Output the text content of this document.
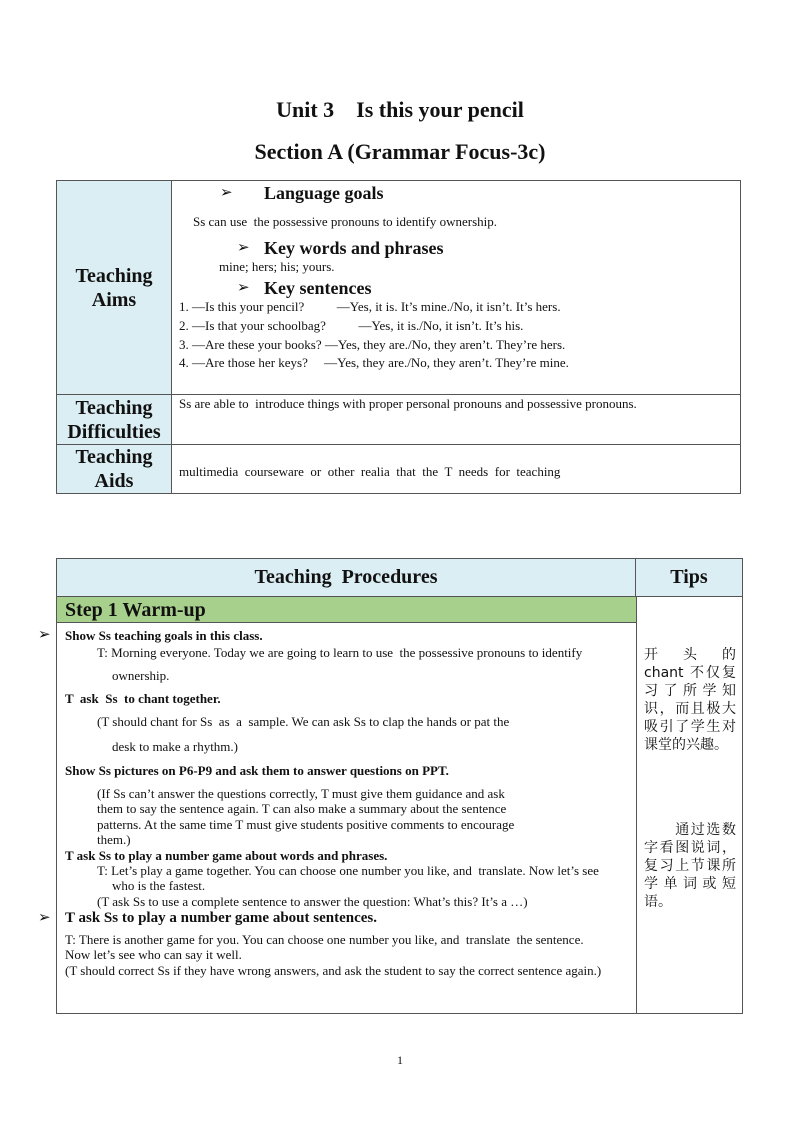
Unit 3    Is this your pencil
Section A (Grammar Focus-3c)
Teaching Aims
Teaching Difficulties
Teaching Aids
➢ Language goals
Ss can use  the possessive pronouns to identify ownership.
➢ Key words and phrases
mine; hers; his; yours.
➢ Key sentences
1. —Is this your pencil?          —Yes, it is. It’s mine./No, it isn’t. It’s hers.
2. —Is that your schoolbag?          —Yes, it is./No, it isn’t. It’s his.
3. —Are these your books? —Yes, they are./No, they aren’t. They’re hers.
4. —Are those her keys?     —Yes, they are./No, they aren’t. They’re mine.
Ss are able to  introduce things with proper personal pronouns and possessive pronouns.
multimedia  courseware  or  other  realia  that  the  T  needs  for  teaching
Teaching  Procedures	Tips
Step 1 Warm-up
➢
➢
Show Ss teaching goals in this class.
T: Morning everyone. Today we are going to learn to use  the possessive pronouns to identify
ownership.
T  ask  Ss  to chant together.
(T should chant for Ss  as  a  sample. We can ask Ss to clap the hands or pat the
desk to make a rhythm.)
Show Ss pictures on P6-P9 and ask them to answer questions on PPT.
(If Ss can’t answer the questions correctly, T must give them guidance and ask
them to say the sentence again. T can also make a summary about the sentence
patterns. At the same time T must give students positive comments to encourage
them.)
T ask Ss to play a number game about words and phrases.
T: Let’s play a game together. You can choose one number you like, and  translate. Now let’s see
who is the fastest.
(T ask Ss to use a complete sentence to answer the question: What’s this? It’s a …)
T ask Ss to play a number game about sentences.
T: There is another game for you. You can choose one number you like, and  translate  the sentence.
Now let’s see who can say it well.
(T should correct Ss if they have wrong answers, and ask the student to say the correct sentence again.)
开 头 的 chant 不仅复习了所学知识，而且极大吸引了学生对课堂的兴趣。
　　通过选数字看图说词，复习上节课所学 单 词 或 短语。
1
